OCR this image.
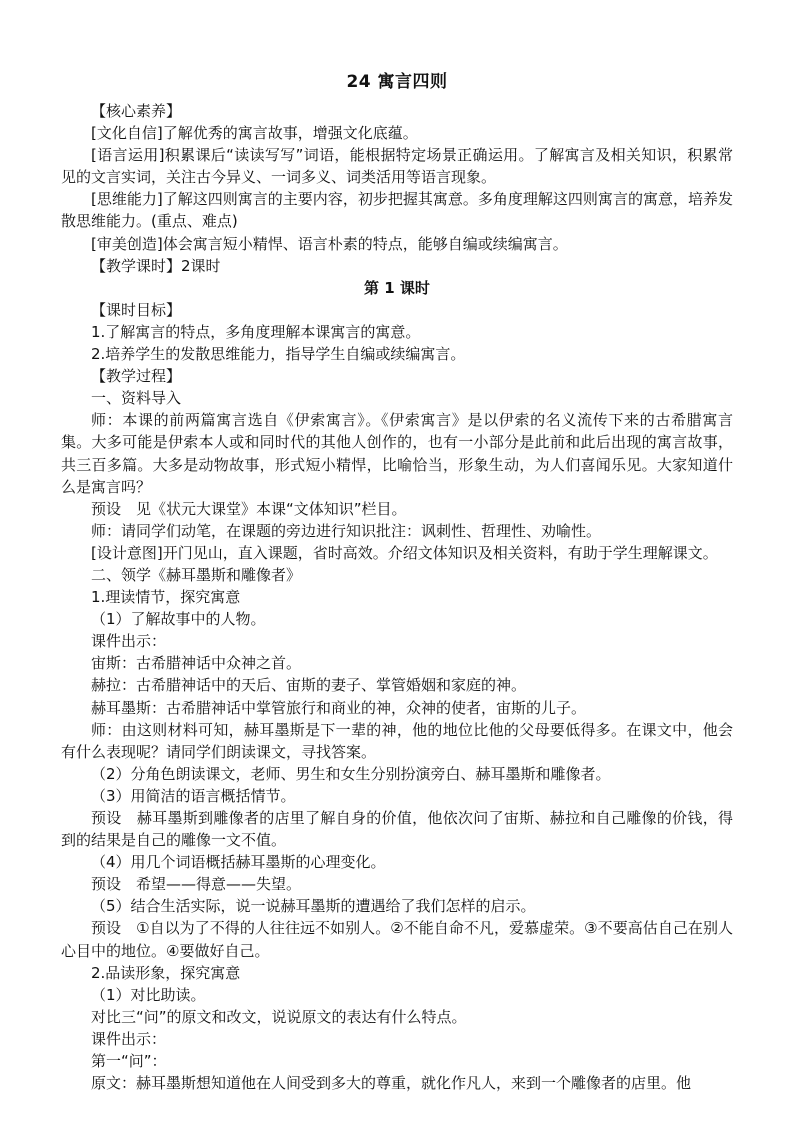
24 寓言四则

【核心素养】

[文化自信]了解优秀的寓言故事，增强文化底蕴。

[语言运用]积累课后“读读写写”词语，能根据特定场景正确运用。了解寓言及相关知识，积累常见的文言实词，关注古今异义、一词多义、词类活用等语言现象。

[思维能力]了解这四则寓言的主要内容，初步把握其寓意。多角度理解这四则寓言的寓意，培养发散思维能力。(重点、难点)

[审美创造]体会寓言短小精悍、语言朴素的特点，能够自编或续编寓言。

【教学课时】2课时

第 1 课时

【课时目标】

1.了解寓言的特点，多角度理解本课寓言的寓意。

2.培养学生的发散思维能力，指导学生自编或续编寓言。

【教学过程】

一、资料导入

师：本课的前两篇寓言选自《伊索寓言》。《伊索寓言》是以伊索的名义流传下来的古希腊寓言集。大多可能是伊索本人或和同时代的其他人创作的，也有一小部分是此前和此后出现的寓言故事，共三百多篇。大多是动物故事，形式短小精悍，比喻恰当，形象生动，为人们喜闻乐见。大家知道什么是寓言吗？

预设　见《状元大课堂》本课“文体知识”栏目。

师：请同学们动笔，在课题的旁边进行知识批注：讽刺性、哲理性、劝喻性。

[设计意图]开门见山，直入课题，省时高效。介绍文体知识及相关资料，有助于学生理解课文。

二、领学《赫耳墨斯和雕像者》

1.理读情节，探究寓意

（1）了解故事中的人物。

课件出示：

宙斯：古希腊神话中众神之首。

赫拉：古希腊神话中的天后、宙斯的妻子、掌管婚姻和家庭的神。

赫耳墨斯：古希腊神话中掌管旅行和商业的神，众神的使者，宙斯的儿子。

师：由这则材料可知，赫耳墨斯是下一辈的神，他的地位比他的父母要低得多。在课文中，他会有什么表现呢？请同学们朗读课文，寻找答案。

（2）分角色朗读课文，老师、男生和女生分别扮演旁白、赫耳墨斯和雕像者。

（3）用简洁的语言概括情节。

预设　赫耳墨斯到雕像者的店里了解自身的价值，他依次问了宙斯、赫拉和自己雕像的价钱，得到的结果是自己的雕像一文不值。

（4）用几个词语概括赫耳墨斯的心理变化。

预设　希望——得意——失望。

（5）结合生活实际，说一说赫耳墨斯的遭遇给了我们怎样的启示。

预设　①自以为了不得的人往往远不如别人。②不能自命不凡，爱慕虚荣。③不要高估自己在别人心目中的地位。④要做好自己。

2.品读形象，探究寓意

（1）对比助读。

对比三“问”的原文和改文，说说原文的表达有什么特点。

课件出示：

第一“问”：

原文：赫耳墨斯想知道他在人间受到多大的尊重，就化作凡人，来到一个雕像者的店里。他
